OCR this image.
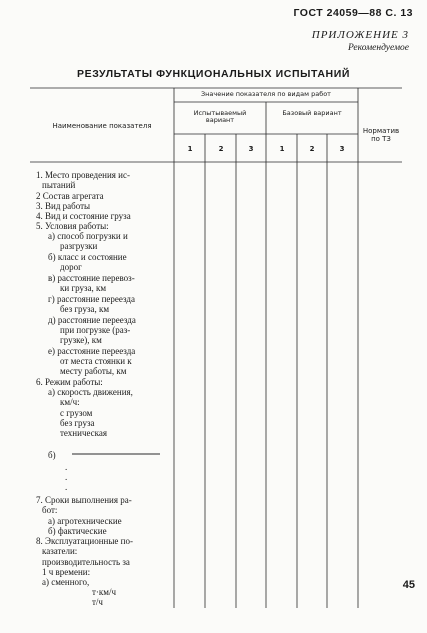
ГОСТ 24059—88 С. 13
ПРИЛОЖЕНИЕ 3
Рекомендуемое
РЕЗУЛЬТАТЫ ФУНКЦИОНАЛЬНЫХ ИСПЫТАНИЙ
Наименование показателя
Значение показателя по видам работ
Испытываемый вариант
Базовый вариант
Норматив по ТЗ
1	2	3	1	2	3
1. Место проведения ис-
пытаний
2 Состав агрегата
3. Вид работы
4. Вид и состояние груза
5. Условия работы:
а) способ погрузки и
разгрузки
б) класс и состояние
дорог
в) расстояние перевоз-
ки груза, км
г) расстояние переезда
без груза, км
д) расстояние переезда
при погрузке (раз-
грузке), км
е) расстояние переезда
от места стоянки к
месту работы, км
6. Режим работы:
а) скорость движения,
км/ч:
с грузом
без груза
техническая
б)
.
.
.
7. Сроки выполнения ра-
бот:
а) агротехнические
б) фактические
8. Эксплуатационные по-
казатели:
производительность за
1 ч времени:
а) сменного,
т·км/ч
т/ч
45
